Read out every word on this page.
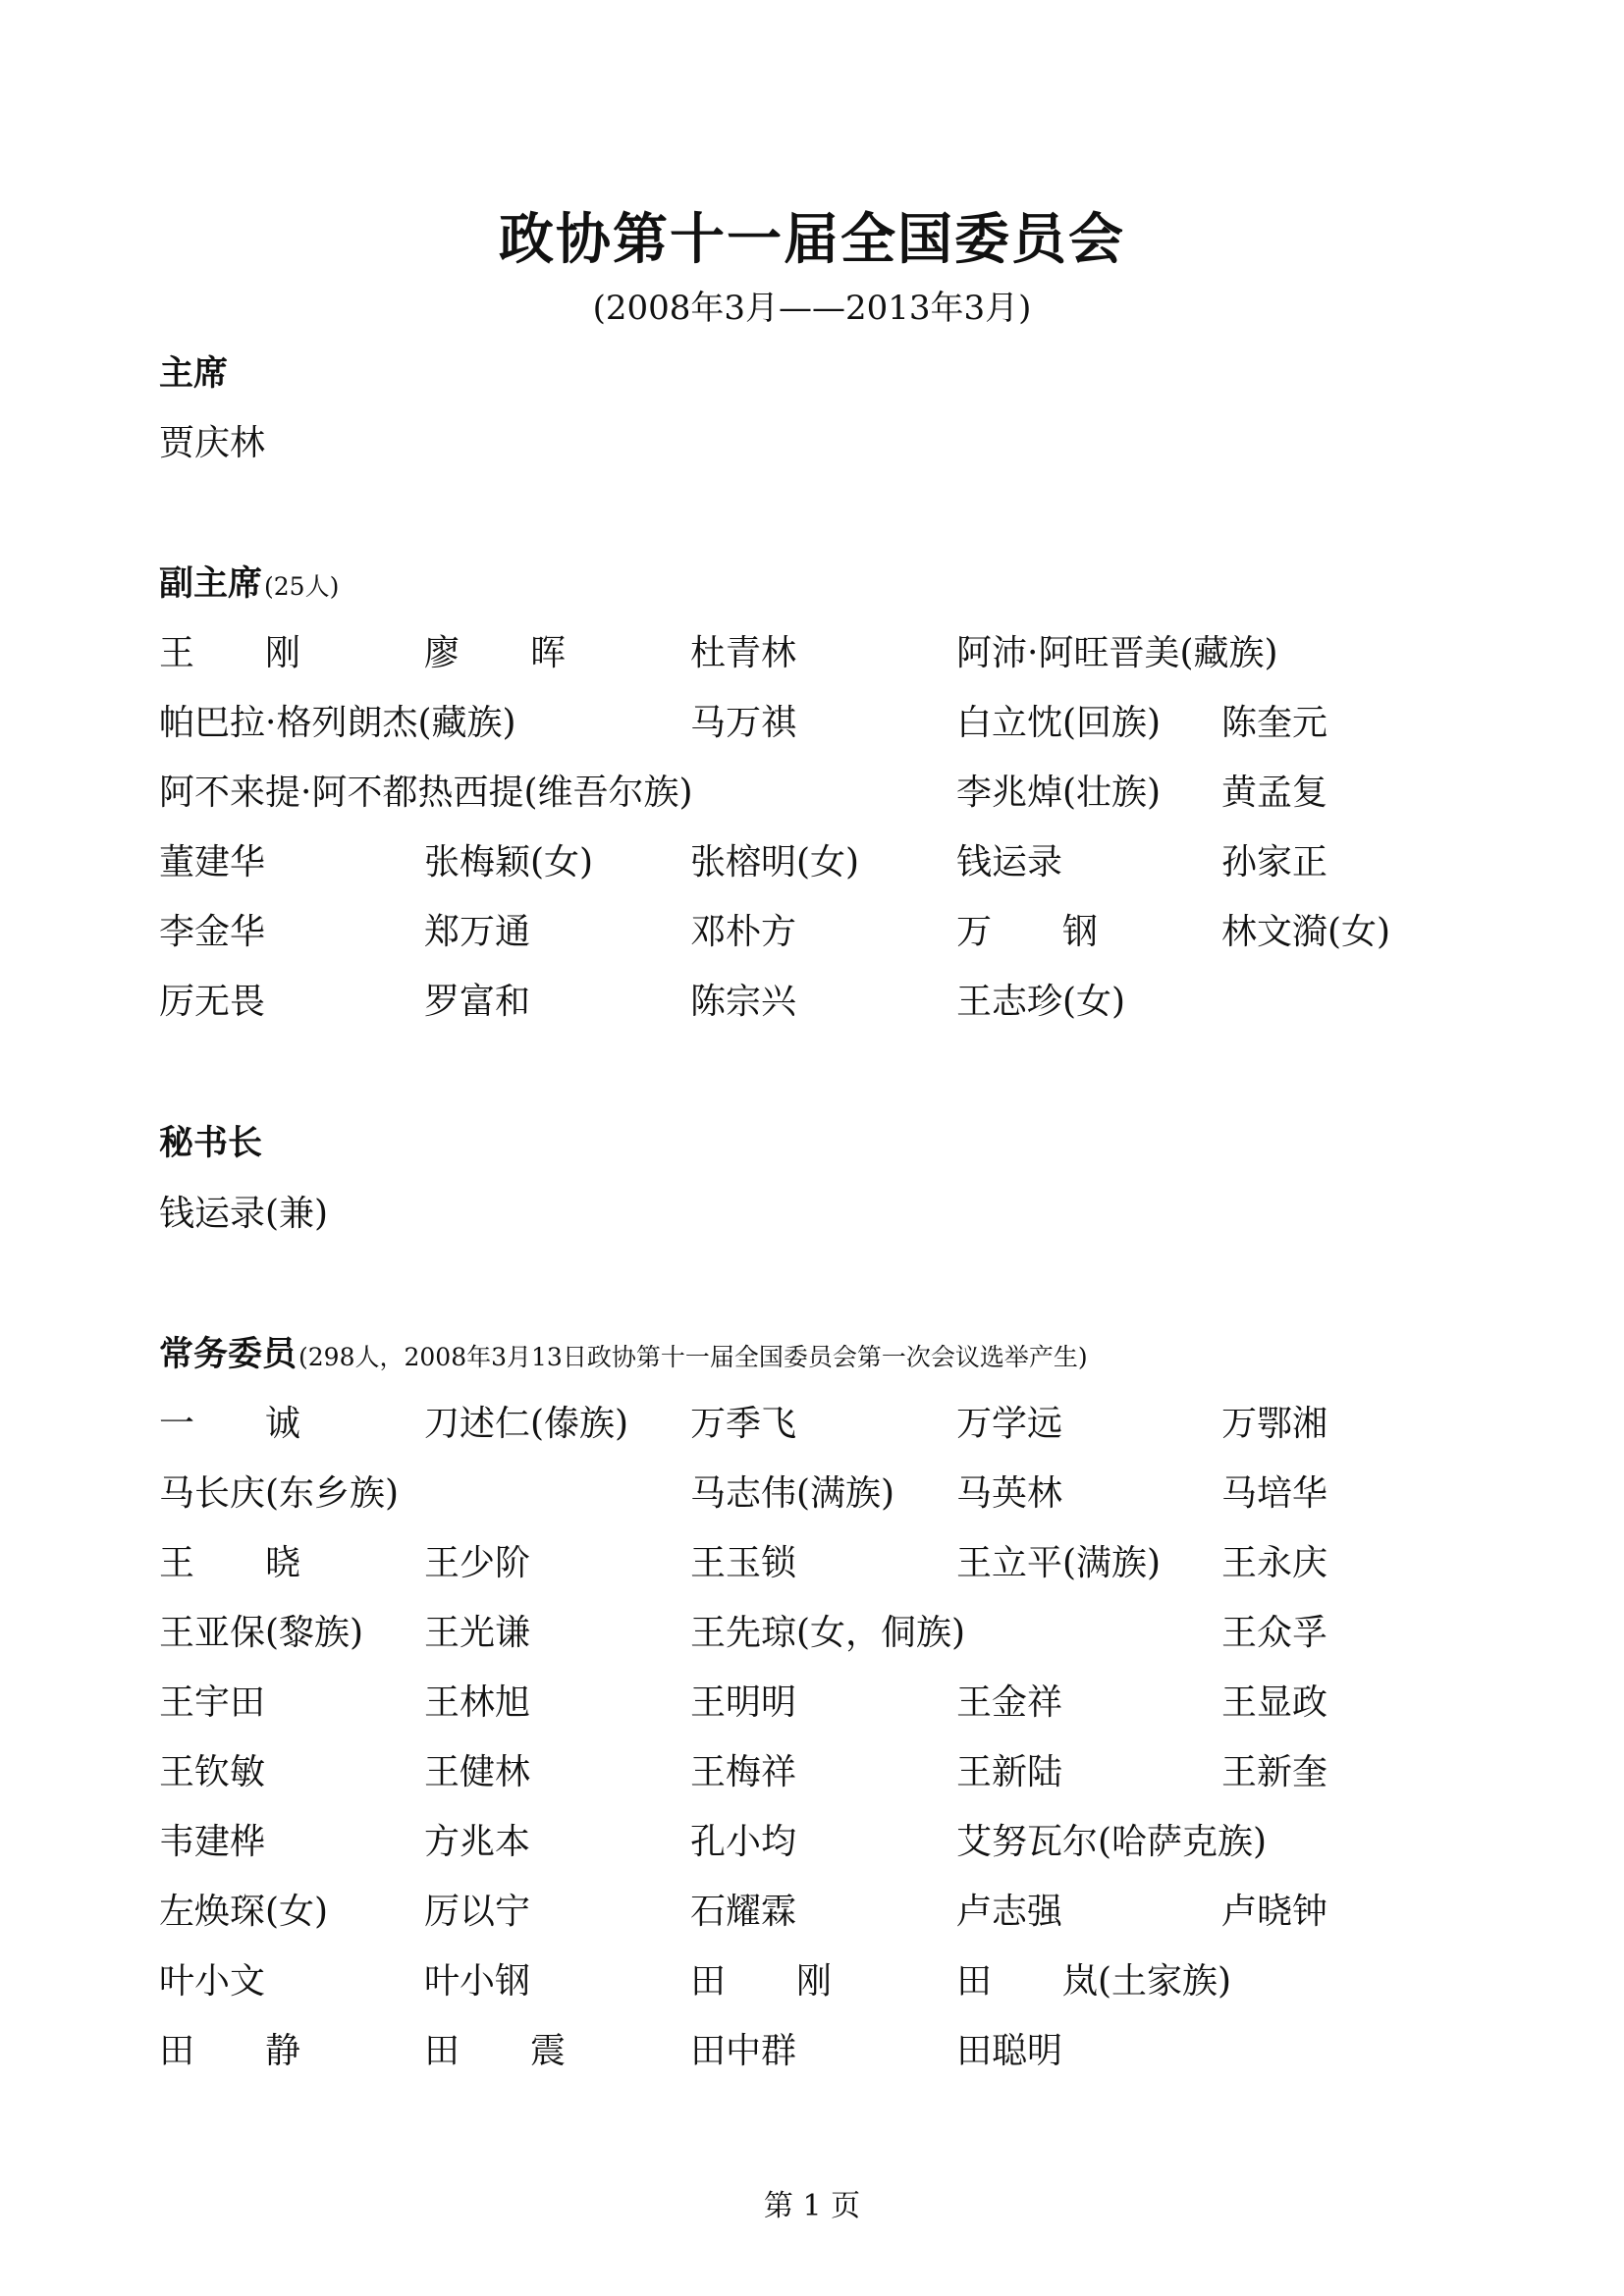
政协第十一届全国委员会
(2008年3月——2013年3月)
主席
贾庆林
副主席(25人)
王　　刚	廖　　晖	杜青林	阿沛·阿旺晋美(藏族)
帕巴拉·格列朗杰(藏族)	马万祺	白立忱(回族) 陈奎元
阿不来提·阿不都热西提(维吾尔族)	李兆焯(壮族) 黄孟复
董建华	张梅颖(女)	张榕明(女)	钱运录	孙家正
李金华	郑万通	邓朴方	万　　钢	林文漪(女)
厉无畏	罗富和	陈宗兴	王志珍(女)
秘书长
钱运录(兼)
常务委员(298人，2008年3月13日政协第十一届全国委员会第一次会议选举产生)
一　　诚	刀述仁(傣族) 万季飞	万学远	万鄂湘
马长庆(东乡族)	马志伟(满族) 马英林	马培华
王　　晓	王少阶	王玉锁	王立平(满族) 王永庆
王亚保(黎族) 王光谦	王先琼(女，侗族)	王众孚
王宇田	王林旭	王明明	王金祥	王显政
王钦敏	王健林	王梅祥	王新陆	王新奎
韦建桦	方兆本	孔小均	艾努瓦尔(哈萨克族)
左焕琛(女)	厉以宁	石耀霖	卢志强	卢晓钟
叶小文	叶小钢	田　　刚	田　　岚(土家族)
田　　静	田　　震	田中群	田聪明
第 1 页
